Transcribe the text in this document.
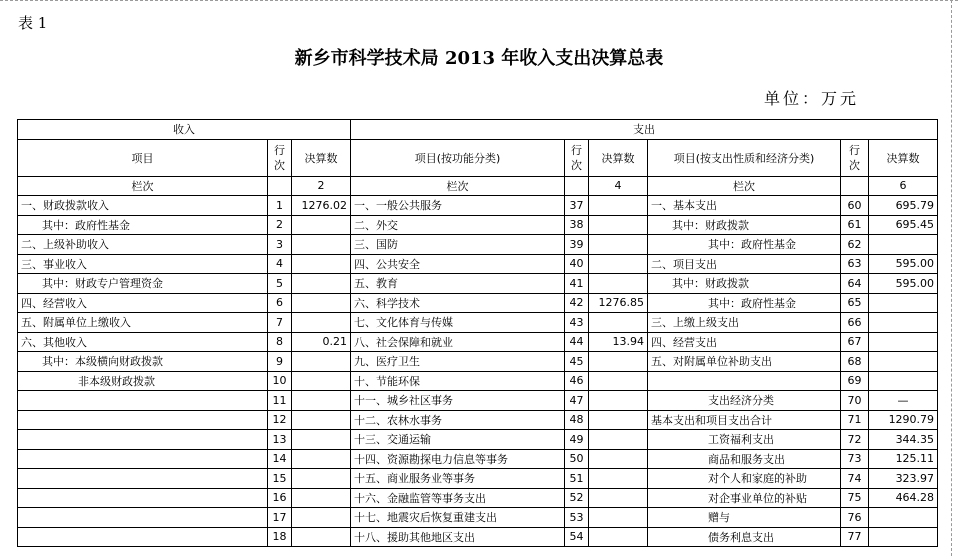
表 1
新乡市科学技术局 2013 年收入支出决算总表
单位：万元
收入			支出					
项目	行次	决算数	项目(按功能分类)	行次	决算数	项目(按支出性质和经济分类)	行次	决算数
栏次		2	栏次		4	栏次		6
一、财政拨款收入	1	1276.02	一、一般公共服务	37		一、基本支出	60	695.79
其中：政府性基金	2		二、外交	38		其中：财政拨款	61	695.45
二、上级补助收入	3		三、国防	39		其中：政府性基金	62	
三、事业收入	4		四、公共安全	40		二、项目支出	63	595.00
其中：财政专户管理资金	5		五、教育	41		其中：财政拨款	64	595.00
四、经营收入	6		六、科学技术	42	1276.85	其中：政府性基金	65	
五、附属单位上缴收入	7		七、文化体育与传媒	43		三、上缴上级支出	66	
六、其他收入	8	0.21	八、社会保障和就业	44	13.94	四、经营支出	67	
其中：本级横向财政拨款	9		九、医疗卫生	45		五、对附属单位补助支出	68	
非本级财政拨款	10		十、节能环保	46			69	
	11		十一、城乡社区事务	47		支出经济分类	70	—
	12		十二、农林水事务	48		基本支出和项目支出合计	71	1290.79
	13		十三、交通运输	49		工资福利支出	72	344.35
	14		十四、资源勘探电力信息等事务	50		商品和服务支出	73	125.11
	15		十五、商业服务业等事务	51		对个人和家庭的补助	74	323.97
	16		十六、金融监管等事务支出	52		对企事业单位的补贴	75	464.28
	17		十七、地震灾后恢复重建支出	53		赠与	76	
	18		十八、援助其他地区支出	54		债务利息支出	77	
